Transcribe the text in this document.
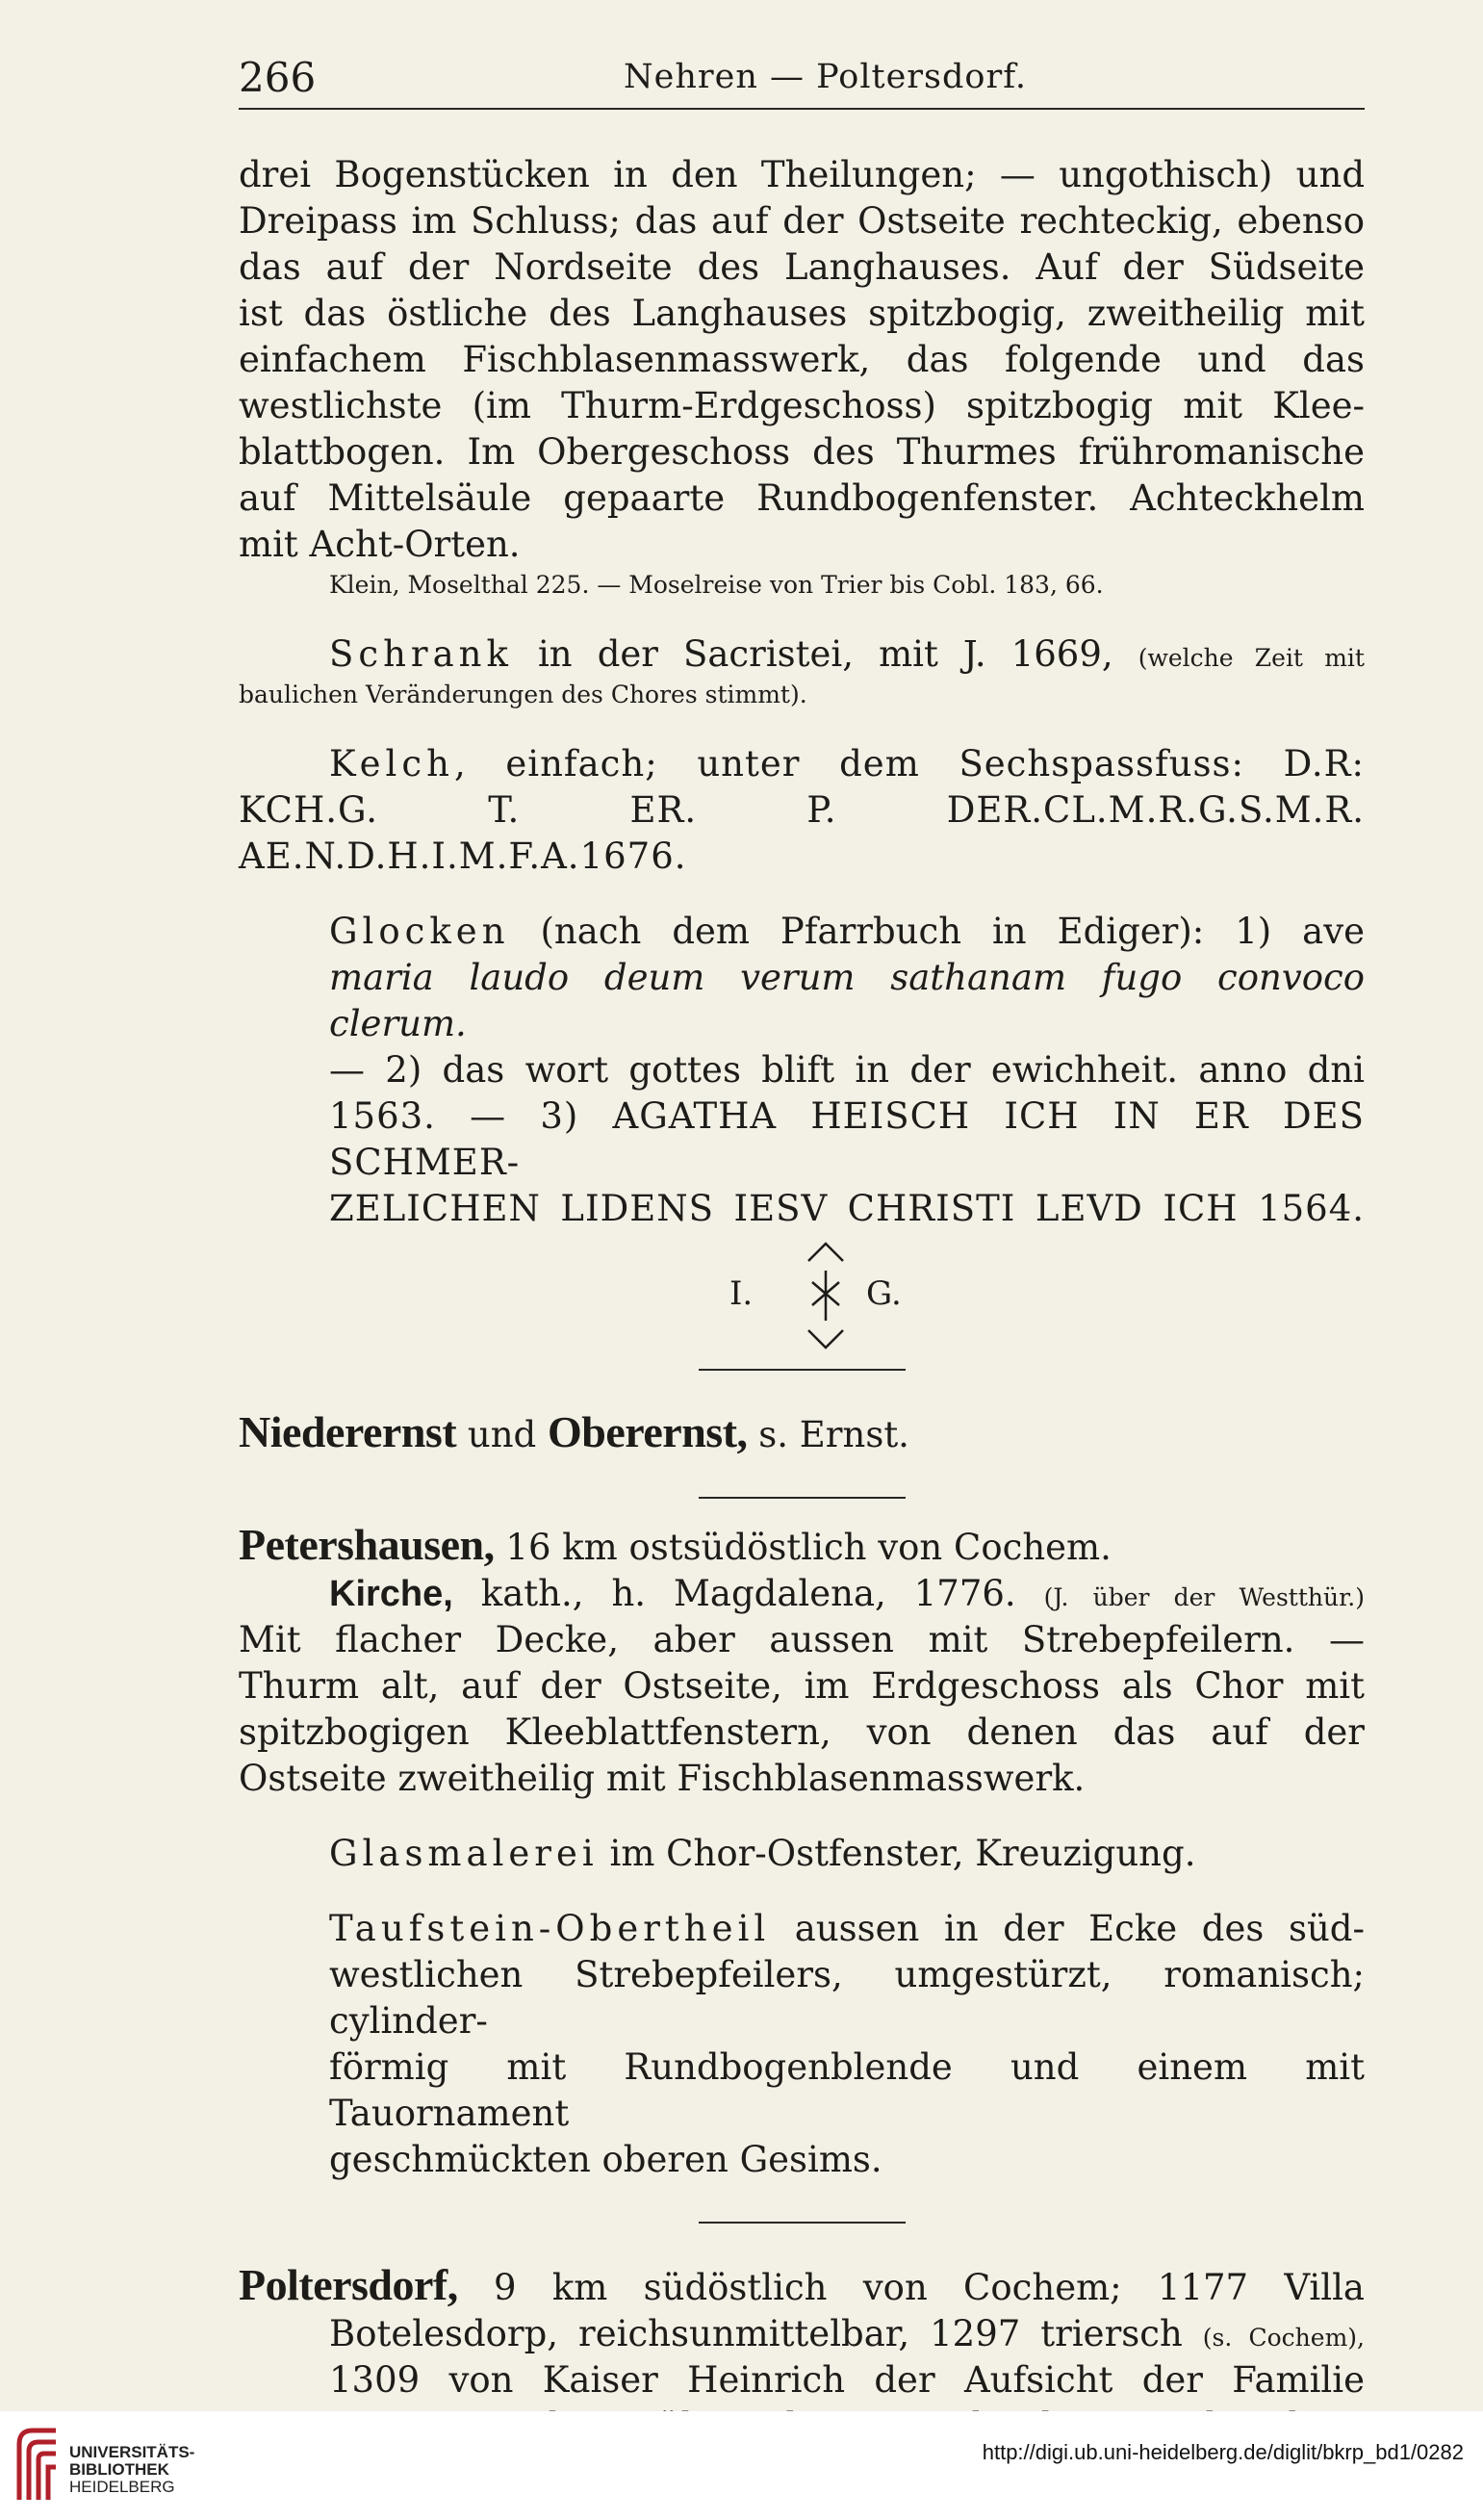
266	Nehren — Poltersdorf.

drei Bogenstücken in den Theilungen; — ungothisch) und

Dreipass im Schluss; das auf der Ostseite rechteckig, ebenso

das auf der Nordseite des Langhauses. Auf der Südseite

ist das östliche des Langhauses spitzbogig, zweitheilig mit

einfachem Fischblasenmasswerk, das folgende und das

westlichste (im Thurm-Erdgeschoss) spitzbogig mit Klee-

blattbogen. Im Obergeschoss des Thurmes frühromanische

auf Mittelsäule gepaarte Rundbogenfenster. Achteckhelm

mit Acht-Orten.

Klein, Moselthal 225. — Moselreise von Trier bis Cobl. 183, 66.

Schrank in der Sacristei, mit J. 1669, (welche Zeit mit

baulichen Veränderungen des Chores stimmt).

Kelch, einfach; unter dem Sechspassfuss: D.R:

KCH.G. T. ER. P. DER.CL.M.R.G.S.M.R.

AE.N.D.H.I.M.F.A.1676.

Glocken (nach dem Pfarrbuch in Ediger): 1) ave

maria laudo deum verum sathanam fugo convoco clerum.

— 2) das wort gottes blift in der ewichheit. anno dni

1563. — 3) AGATHA HEISCH ICH IN ER DES SCHMER-

ZELICHEN LIDENS IESV CHRISTI LEVD ICH 1564.

I.	G.

Niederernst und Oberernst, s. Ernst.

Petershausen, 16 km ostsüdöstlich von Cochem.

Kirche, kath., h. Magdalena, 1776. (J. über der Westthür.)

Mit flacher Decke, aber aussen mit Strebepfeilern. —

Thurm alt, auf der Ostseite, im Erdgeschoss als Chor mit

spitzbogigen Kleeblattfenstern, von denen das auf der

Ostseite zweitheilig mit Fischblasenmasswerk.

Glasmalerei im Chor-Ostfenster, Kreuzigung.

Taufstein-Obertheil aussen in der Ecke des süd-

westlichen Strebepfeilers, umgestürzt, romanisch; cylinder-

förmig mit Rundbogenblende und einem mit Tauornament

geschmückten oberen Gesims.

Poltersdorf, 9 km südöstlich von Cochem; 1177 Villa

Botelesdorp, reichsunmittelbar, 1297 triersch (s. Cochem),

1309 von Kaiser Heinrich der Aufsicht der Familie

UNIVERSITÄTS-
BIBLIOTHEK
HEIDELBERG
http://digi.ub.uni-heidelberg.de/diglit/bkrp_bd1/0282
